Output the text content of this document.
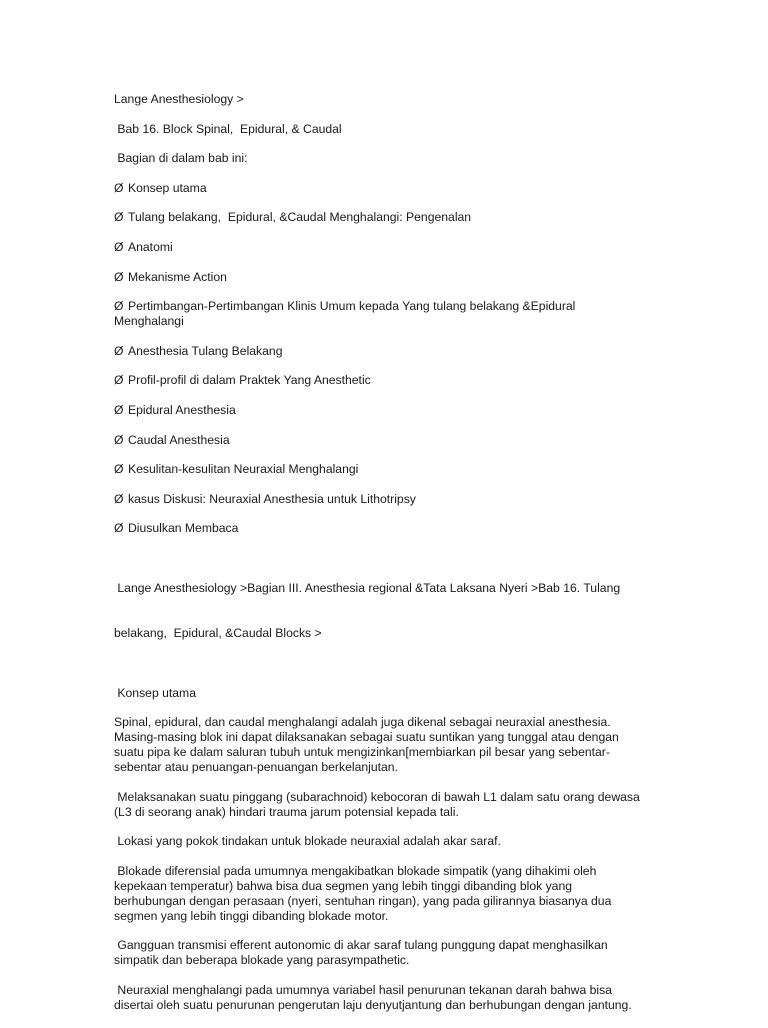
Lange Anesthesiology >

Bab 16. Block Spinal,  Epidural, & Caudal

Bagian di dalam bab ini:

Ø Konsep utama

Ø Tulang belakang,  Epidural, &Caudal Menghalangi: Pengenalan

Ø Anatomi

Ø Mekanisme Action

Ø Pertimbangan-Pertimbangan Klinis Umum kepada Yang tulang belakang &Epidural
Menghalangi

Ø Anesthesia Tulang Belakang

Ø Profil-profil di dalam Praktek Yang Anesthetic

Ø Epidural Anesthesia

Ø Caudal Anesthesia

Ø Kesulitan-kesulitan Neuraxial Menghalangi

Ø kasus Diskusi: Neuraxial Anesthesia untuk Lithotripsy

Ø Diusulkan Membaca

Lange Anesthesiology >Bagian III. Anesthesia regional &Tata Laksana Nyeri >Bab 16. Tulang

belakang,  Epidural, &Caudal Blocks >

Konsep utama

Spinal, epidural, dan caudal menghalangi adalah juga dikenal sebagai neuraxial anesthesia.
Masing-masing blok ini dapat dilaksanakan sebagai suatu suntikan yang tunggal atau dengan
suatu pipa ke dalam saluran tubuh untuk mengizinkan[membiarkan pil besar yang sebentar-
sebentar atau penuangan-penuangan berkelanjutan.

Melaksanakan suatu pinggang (subarachnoid) kebocoran di bawah L1 dalam satu orang dewasa
(L3 di seorang anak) hindari trauma jarum potensial kepada tali.

Lokasi yang pokok tindakan untuk blokade neuraxial adalah akar saraf.

Blokade diferensial pada umumnya mengakibatkan blokade simpatik (yang dihakimi oleh
kepekaan temperatur) bahwa bisa dua segmen yang lebih tinggi dibanding blok yang
berhubungan dengan perasaan (nyeri, sentuhan ringan), yang pada gilirannya biasanya dua
segmen yang lebih tinggi dibanding blokade motor.

Gangguan transmisi efferent autonomic di akar saraf tulang punggung dapat menghasilkan
simpatik dan beberapa blokade yang parasympathetic.

Neuraxial menghalangi pada umumnya variabel hasil penurunan tekanan darah bahwa bisa
disertai oleh suatu penurunan pengerutan laju denyutjantung dan berhubungan dengan jantung.
